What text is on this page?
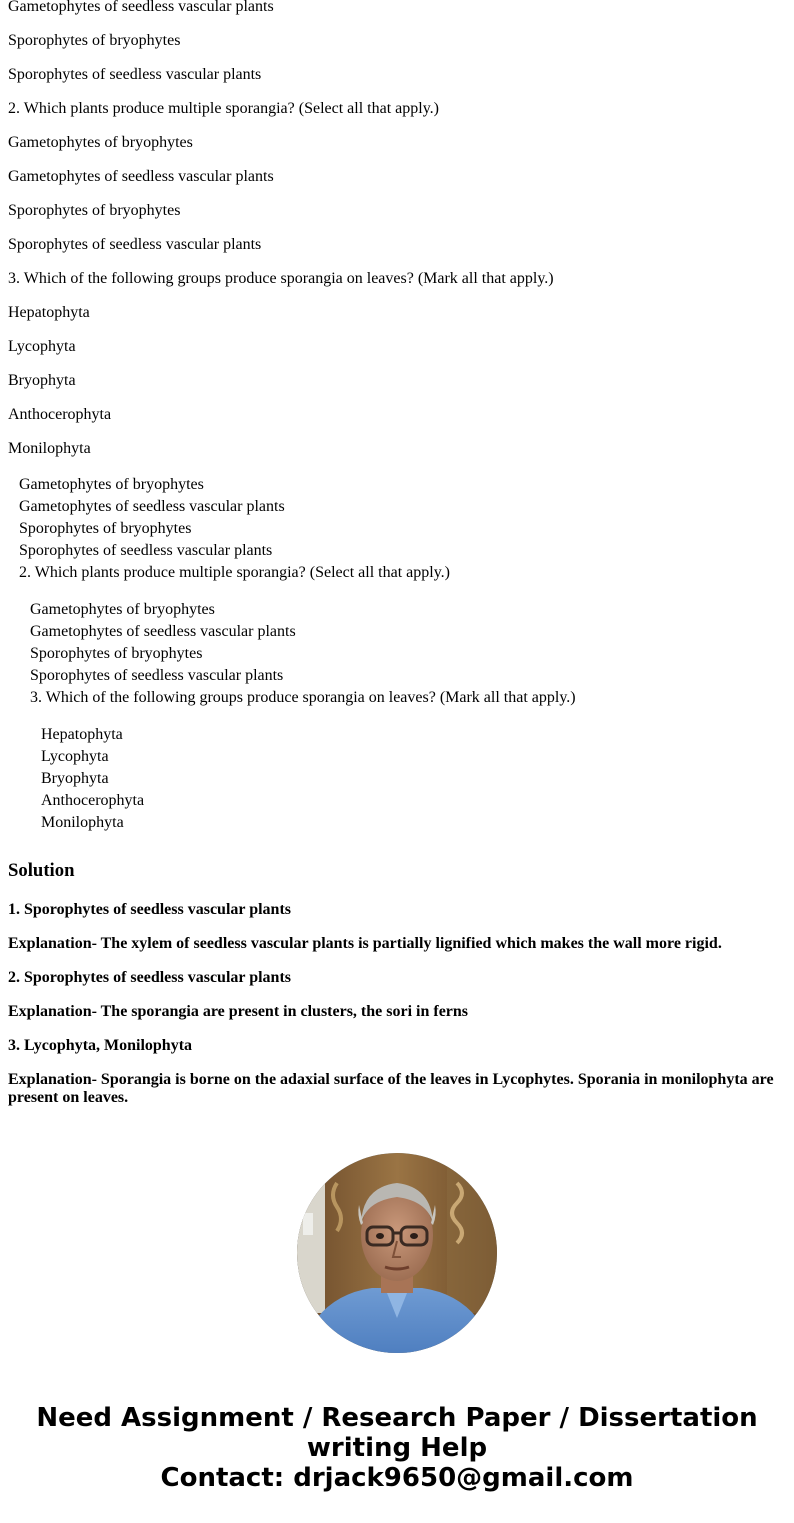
Gametophytes of seedless vascular plants

Sporophytes of bryophytes

Sporophytes of seedless vascular plants

2. Which plants produce multiple sporangia? (Select all that apply.)

Gametophytes of bryophytes

Gametophytes of seedless vascular plants

Sporophytes of bryophytes

Sporophytes of seedless vascular plants

3. Which of the following groups produce sporangia on leaves? (Mark all that apply.)

Hepatophyta

Lycophyta

Bryophyta

Anthocerophyta

Monilophyta

Gametophytes of bryophytes
Gametophytes of seedless vascular plants
Sporophytes of bryophytes
Sporophytes of seedless vascular plants
2. Which plants produce multiple sporangia? (Select all that apply.)
Gametophytes of bryophytes
Gametophytes of seedless vascular plants
Sporophytes of bryophytes
Sporophytes of seedless vascular plants
3. Which of the following groups produce sporangia on leaves? (Mark all that apply.)
Hepatophyta
Lycophyta
Bryophyta
Anthocerophyta
Monilophyta
Solution

1. Sporophytes of seedless vascular plants

Explanation- The xylem of seedless vascular plants is partially lignified which makes the wall more rigid.

2. Sporophytes of seedless vascular plants

Explanation- The sporangia are present in clusters, the sori in ferns

3. Lycophyta, Monilophyta

Explanation- Sporangia is borne on the adaxial surface of the leaves in Lycophytes. Sporania in monilophyta are present on leaves.

Need Assignment / Research Paper / Dissertation
writing Help
Contact: drjack9650@gmail.com
